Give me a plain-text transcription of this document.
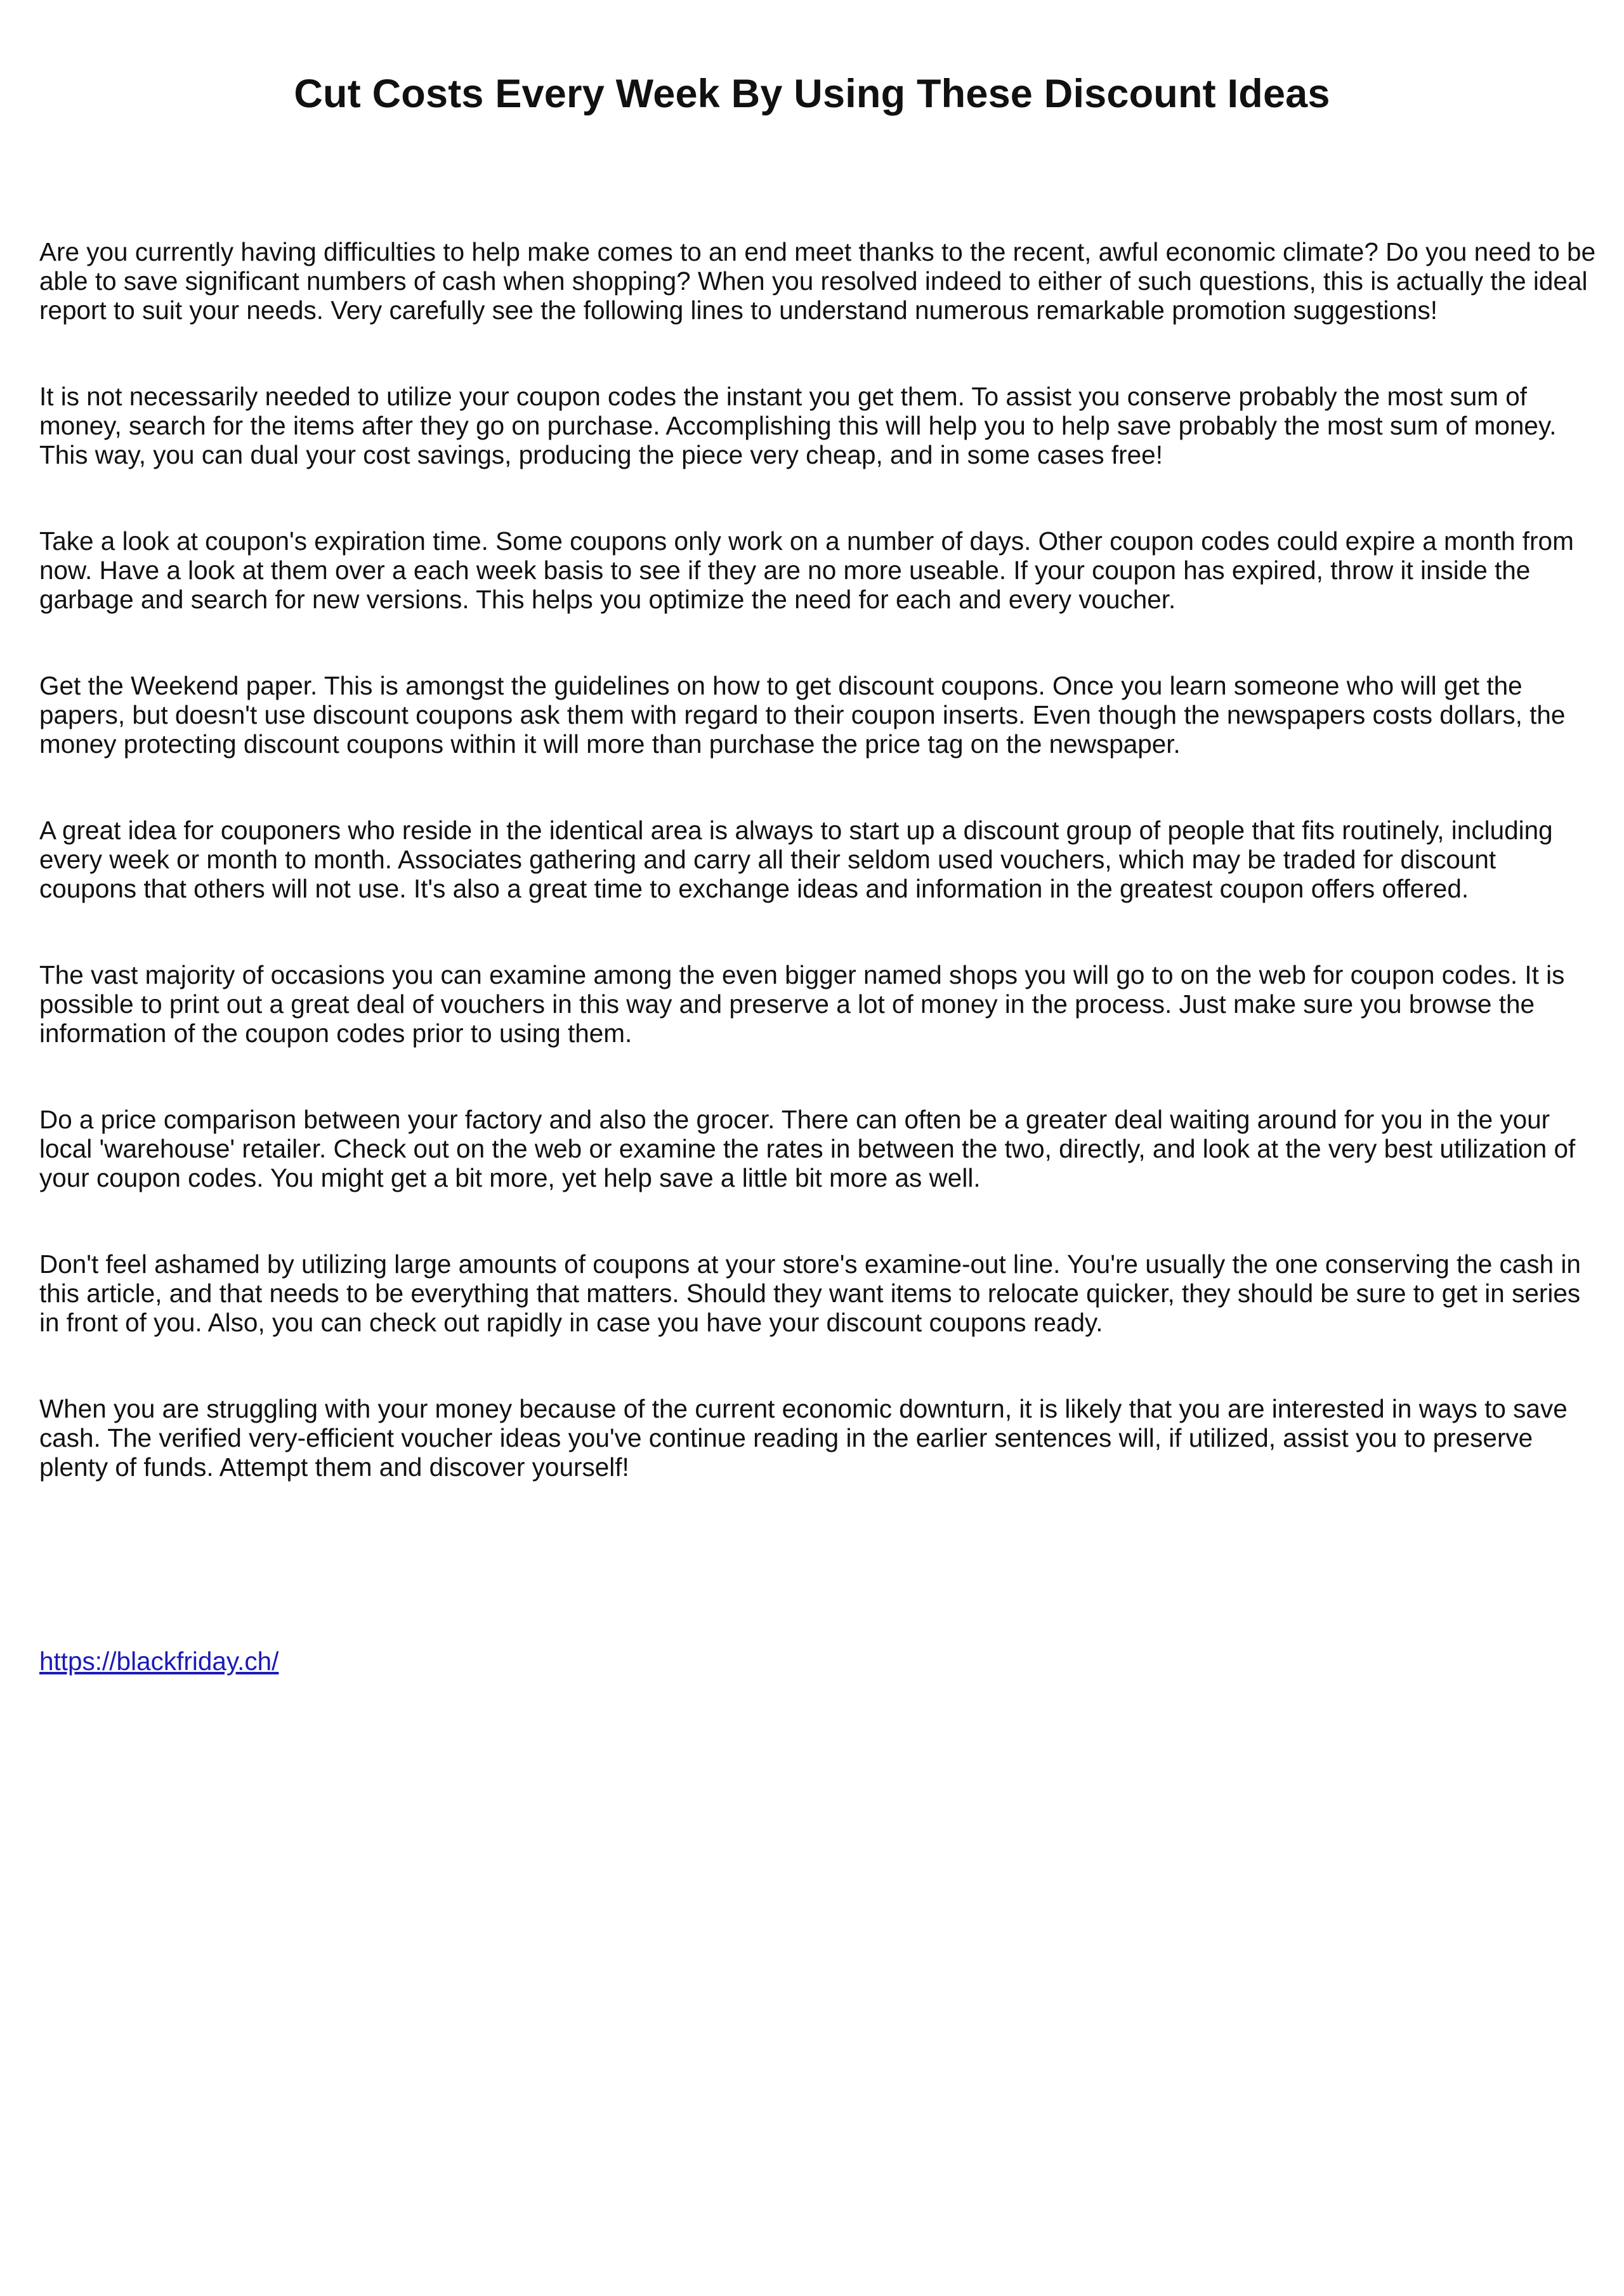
Cut Costs Every Week By Using These Discount Ideas

Are you currently having difficulties to help make comes to an end meet thanks to the recent, awful economic climate? Do you need to be able to save significant numbers of cash when shopping? When you resolved indeed to either of such questions, this is actually the ideal report to suit your needs. Very carefully see the following lines to understand numerous remarkable promotion suggestions!

It is not necessarily needed to utilize your coupon codes the instant you get them. To assist you conserve probably the most sum of money, search for the items after they go on purchase. Accomplishing this will help you to help save probably the most sum of money. This way, you can dual your cost savings, producing the piece very cheap, and in some cases free!

Take a look at coupon's expiration time. Some coupons only work on a number of days. Other coupon codes could expire a month from now. Have a look at them over a each week basis to see if they are no more useable. If your coupon has expired, throw it inside the garbage and search for new versions. This helps you optimize the need for each and every voucher.

Get the Weekend paper. This is amongst the guidelines on how to get discount coupons. Once you learn someone who will get the papers, but doesn't use discount coupons ask them with regard to their coupon inserts. Even though the newspapers costs dollars, the money protecting discount coupons within it will more than purchase the price tag on the newspaper.

A great idea for couponers who reside in the identical area is always to start up a discount group of people that fits routinely, including every week or month to month. Associates gathering and carry all their seldom used vouchers, which may be traded for discount coupons that others will not use. It's also a great time to exchange ideas and information in the greatest coupon offers offered.

The vast majority of occasions you can examine among the even bigger named shops you will go to on the web for coupon codes. It is possible to print out a great deal of vouchers in this way and preserve a lot of money in the process. Just make sure you browse the information of the coupon codes prior to using them.

Do a price comparison between your factory and also the grocer. There can often be a greater deal waiting around for you in the your local 'warehouse' retailer. Check out on the web or examine the rates in between the two, directly, and look at the very best utilization of your coupon codes. You might get a bit more, yet help save a little bit more as well.

Don't feel ashamed by utilizing large amounts of coupons at your store's examine-out line. You're usually the one conserving the cash in this article, and that needs to be everything that matters. Should they want items to relocate quicker, they should be sure to get in series in front of you. Also, you can check out rapidly in case you have your discount coupons ready.

When you are struggling with your money because of the current economic downturn, it is likely that you are interested in ways to save cash. The verified very-efficient voucher ideas you've continue reading in the earlier sentences will, if utilized, assist you to preserve plenty of funds. Attempt them and discover yourself!

https://blackfriday.ch/
